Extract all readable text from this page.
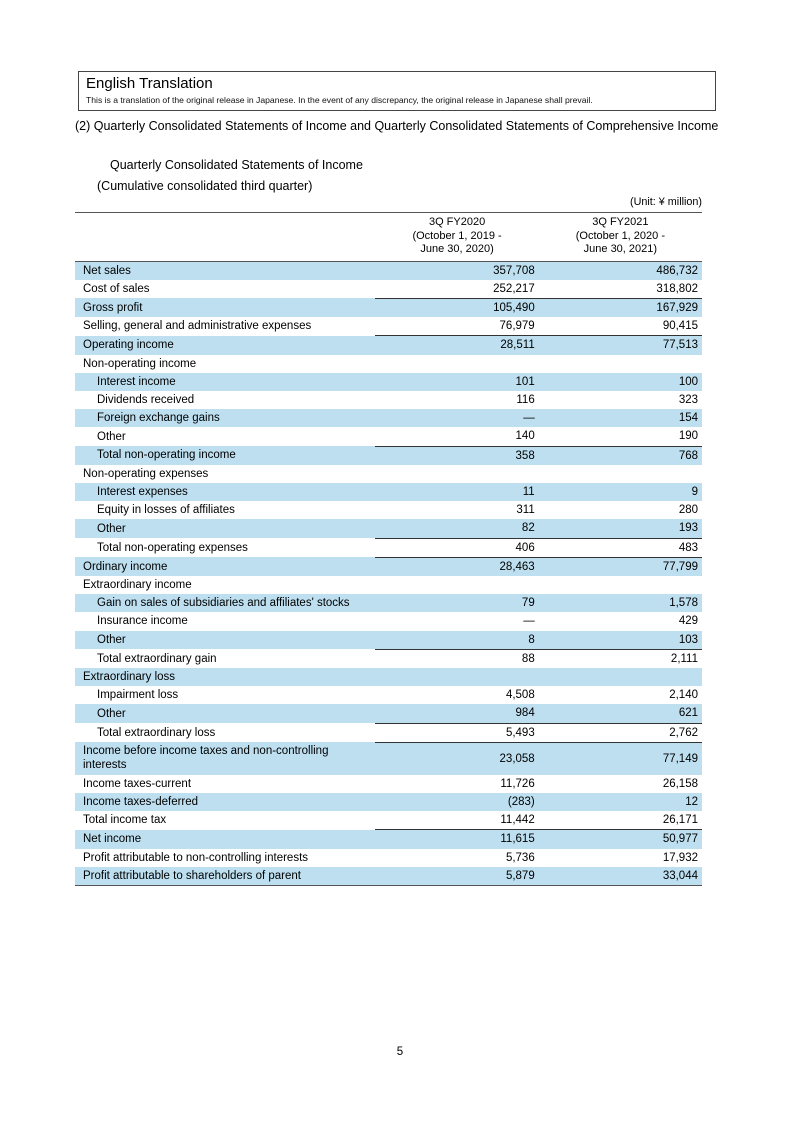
English Translation
This is a translation of the original release in Japanese. In the event of any discrepancy, the original release in Japanese shall prevail.

(2) Quarterly Consolidated Statements of Income and Quarterly Consolidated Statements of Comprehensive Income

Quarterly Consolidated Statements of Income

(Cumulative consolidated third quarter)

(Unit: ¥ million)

3Q FY2020
(October 1, 2019 -
June 30, 2020)

3Q FY2021
(October 1, 2020 -
June 30, 2021)

Net sales	357,708	486,732
Cost of sales	252,217	318,802
Gross profit	105,490	167,929
Selling, general and administrative expenses	76,979	90,415
Operating income	28,511	77,513
Non-operating income		
Interest income	101	100
Dividends received	116	323
Foreign exchange gains	―	154
Other	140	190
Total non-operating income	358	768
Non-operating expenses		
Interest expenses	11	9
Equity in losses of affiliates	311	280
Other	82	193
Total non-operating expenses	406	483
Ordinary income	28,463	77,799
Extraordinary income		
Gain on sales of subsidiaries and affiliates' stocks	79	1,578
Insurance income	―	429
Other	8	103
Total extraordinary gain	88	2,111
Extraordinary loss		
Impairment loss	4,508	2,140
Other	984	621
Total extraordinary loss	5,493	2,762
Income before income taxes and non-controlling interests	23,058	77,149
Income taxes-current	11,726	26,158
Income taxes-deferred	(283)	12
Total income tax	11,442	26,171
Net income	11,615	50,977
Profit attributable to non-controlling interests	5,736	17,932
Profit attributable to shareholders of parent	5,879	33,044
5
